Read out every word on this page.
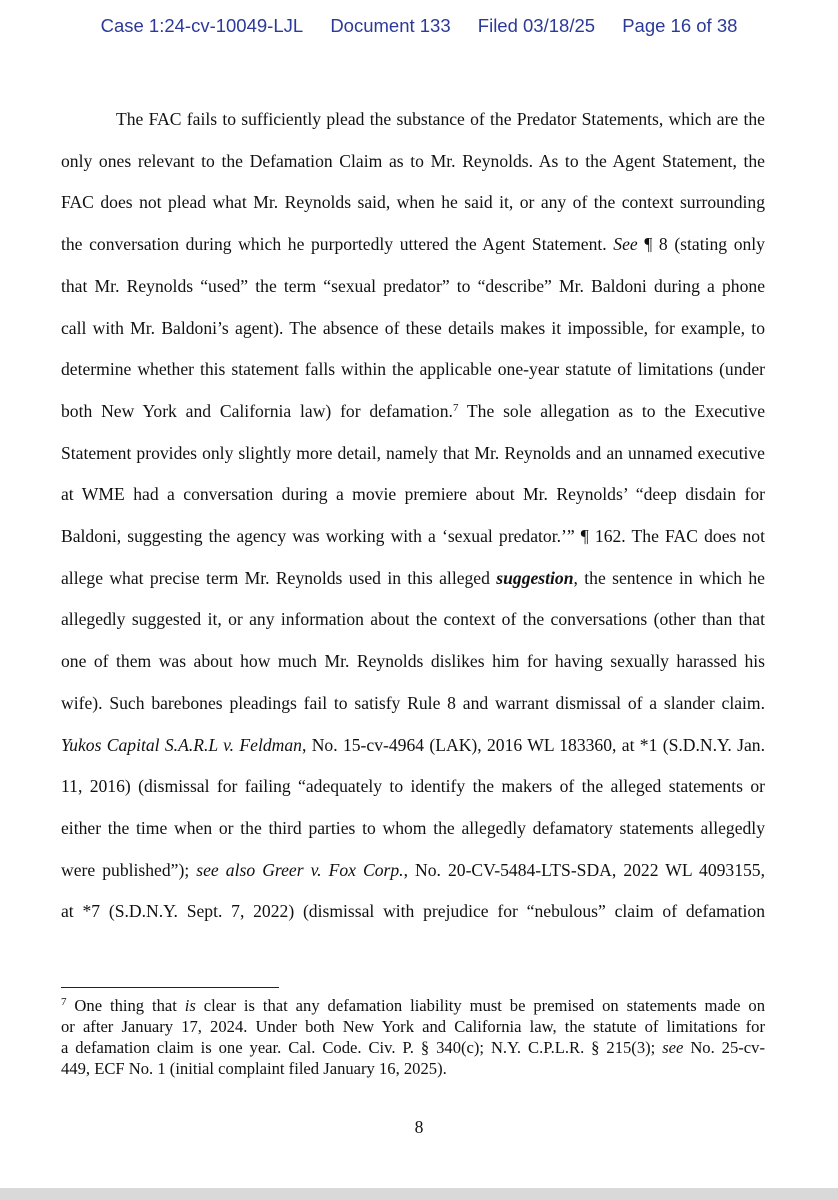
Case 1:24-cv-10049-LJL Document 133 Filed 03/18/25 Page 16 of 38
The FAC fails to sufficiently plead the substance of the Predator Statements, which are the
only ones relevant to the Defamation Claim as to Mr. Reynolds. As to the Agent Statement, the
FAC does not plead what Mr. Reynolds said, when he said it, or any of the context surrounding
the conversation during which he purportedly uttered the Agent Statement. See ¶ 8 (stating only
that Mr. Reynolds “used” the term “sexual predator” to “describe” Mr. Baldoni during a phone
call with Mr. Baldoni’s agent). The absence of these details makes it impossible, for example, to
determine whether this statement falls within the applicable one-year statute of limitations (under
both New York and California law) for defamation.$^7$ The sole allegation as to the Executive
Statement provides only slightly more detail, namely that Mr. Reynolds and an unnamed executive
at WME had a conversation during a movie premiere about Mr. Reynolds’ “deep disdain for
Baldoni, suggesting the agency was working with a ‘sexual predator.’” ¶ 162. The FAC does not
allege what precise term Mr. Reynolds used in this alleged suggestion, the sentence in which he
allegedly suggested it, or any information about the context of the conversations (other than that
one of them was about how much Mr. Reynolds dislikes him for having sexually harassed his
wife). Such barebones pleadings fail to satisfy Rule 8 and warrant dismissal of a slander claim.
Yukos Capital S.A.R.L v. Feldman, No. 15-cv-4964 (LAK), 2016 WL 183360, at *1 (S.D.N.Y. Jan.
11, 2016) (dismissal for failing “adequately to identify the makers of the alleged statements or
either the time when or the third parties to whom the allegedly defamatory statements allegedly
were published”); see also Greer v. Fox Corp., No. 20-CV-5484-LTS-SDA, 2022 WL 4093155,
at *7 (S.D.N.Y. Sept. 7, 2022) (dismissal with prejudice for “nebulous” claim of defamation
$^7$ One thing that is clear is that any defamation liability must be premised on statements made on
or after January 17, 2024. Under both New York and California law, the statute of limitations for
a defamation claim is one year. Cal. Code. Civ. P. § 340(c); N.Y. C.P.L.R. § 215(3); see No. 25-cv-
449, ECF No. 1 (initial complaint filed January 16, 2025).
8
